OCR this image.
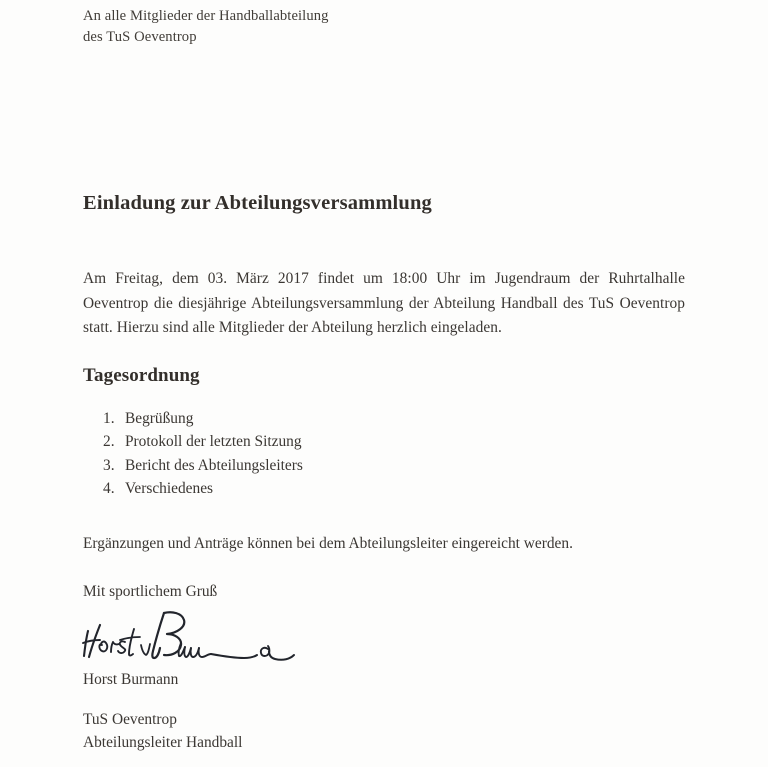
An alle Mitglieder der Handballabteilung
des TuS Oeventrop
Einladung zur Abteilungsversammlung

Am Freitag, dem 03. März 2017 findet um 18:00 Uhr im Jugendraum der Ruhrtalhalle Oeventrop die diesjährige Abteilungsversammlung der Abteilung Handball des TuS Oeventrop statt. Hierzu sind alle Mitglieder der Abteilung herzlich eingeladen.

Tagesordnung
1. Begrüßung
2. Protokoll der letzten Sitzung
3. Bericht des Abteilungsleiters
4. Verschiedenes

Ergänzungen und Anträge können bei dem Abteilungsleiter eingereicht werden.

Mit sportlichem Gruß
Horst Burmann
TuS Oeventrop
Abteilungsleiter Handball
